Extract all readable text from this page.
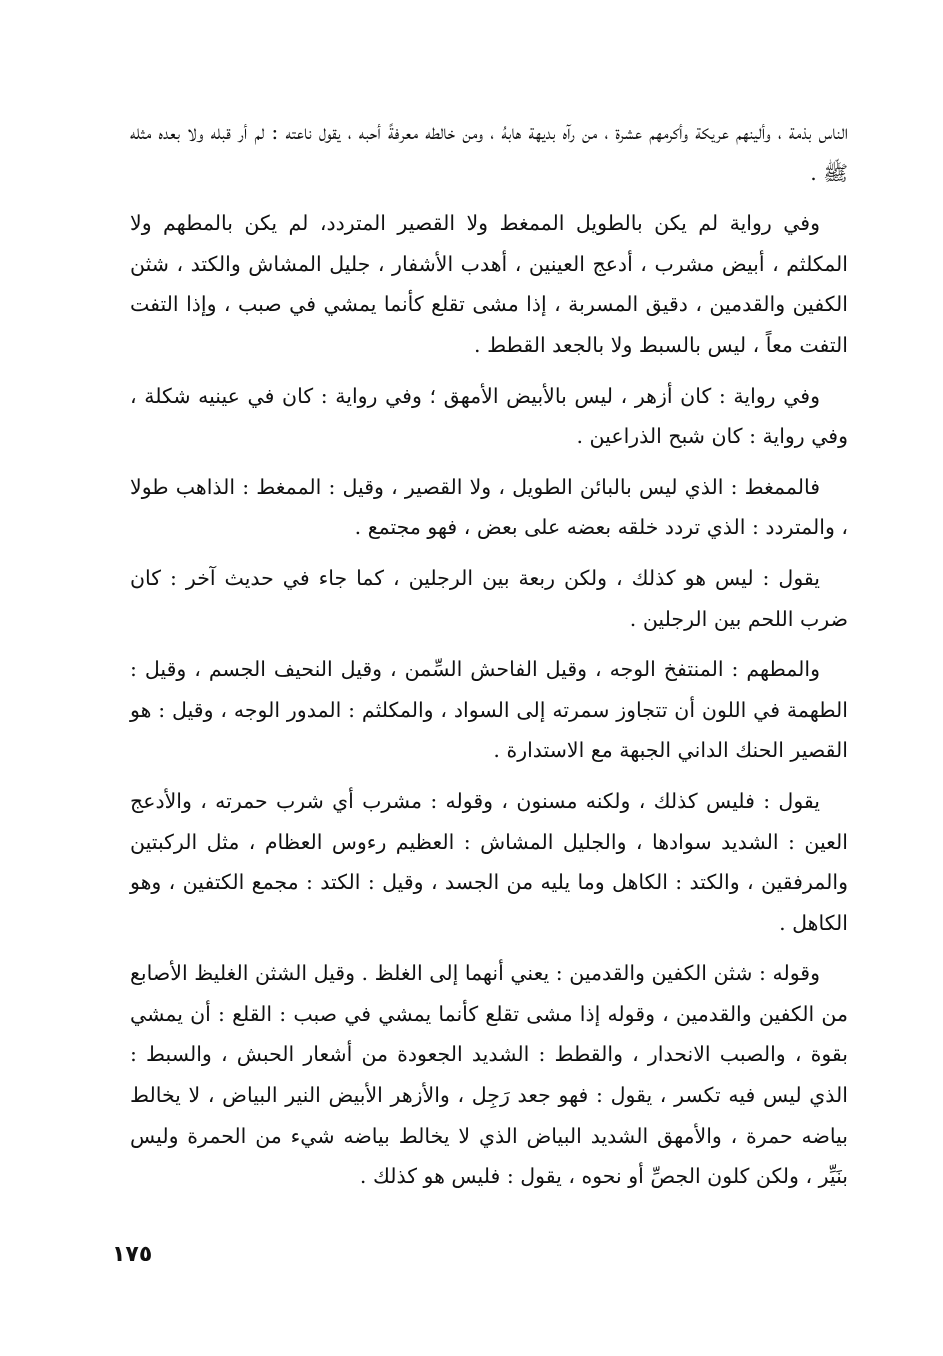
الناس بذمة ، وألينهم عريكة وأكرمهم عشرة ، من رآه بديهة هابهُ ، ومن خالطه معرفةً أحبه ، يقول ناعته : لم أر قبله ولا بعده مثله ﷺ .

وفي رواية لم يكن بالطويل الممغط ولا القصير المتردد، لم يكن بالمطهم ولا المكلثم ، أبيض مشرب ، أدعج العينين ، أهدب الأشفار ، جليل المشاش والكتد ، شثن الكفين والقدمين ، دقيق المسربة ، إذا مشى تقلع كأنما يمشي في صبب ، وإذا التفت التفت معاً ، ليس بالسبط ولا بالجعد القطط .

وفي رواية : كان أزهر ، ليس بالأبيض الأمهق ؛ وفي رواية : كان في عينيه شكلة ، وفي رواية : كان شبح الذراعين .

فالممغط : الذي ليس بالبائن الطويل ، ولا القصير ، وقيل : الممغط : الذاهب طولا ، والمتردد : الذي تردد خلقه بعضه على بعض ، فهو مجتمع .

يقول : ليس هو كذلك ، ولكن ربعة بين الرجلين ، كما جاء في حديث آخر : كان ضرب اللحم بين الرجلين .

والمطهم : المنتفخ الوجه ، وقيل الفاحش السِّمن ، وقيل النحيف الجسم ، وقيل : الطهمة في اللون أن تتجاوز سمرته إلى السواد ، والمكلثم : المدور الوجه ، وقيل : هو القصير الحنك الداني الجبهة مع الاستدارة .

يقول : فليس كذلك ، ولكنه مسنون ، وقوله : مشرب أي شرب حمرته ، والأدعج العين : الشديد سوادها ، والجليل المشاش : العظيم رءوس العظام ، مثل الركبتين والمرفقين ، والكتد : الكاهل وما يليه من الجسد ، وقيل : الكتد : مجمع الكتفين ، وهو الكاهل .

وقوله : شثن الكفين والقدمين : يعني أنهما إلى الغلظ . وقيل الشثن الغليظ الأصابع من الكفين والقدمين ، وقوله إذا مشى تقلع كأنما يمشي في صبب : القلع : أن يمشي بقوة ، والصبب الانحدار ، والقطط : الشديد الجعودة من أشعار الحبش ، والسبط : الذي ليس فيه تكسر ، يقول : فهو جعد رَجِل ، والأزهر الأبيض النير البياض ، لا يخالط بياضه حمرة ، والأمهق الشديد البياض الذي لا يخالط بياضه شيء من الحمرة وليس بنَيِّر ، ولكن كلون الجصِّ أو نحوه ، يقول : فليس هو كذلك .

١٧٥
